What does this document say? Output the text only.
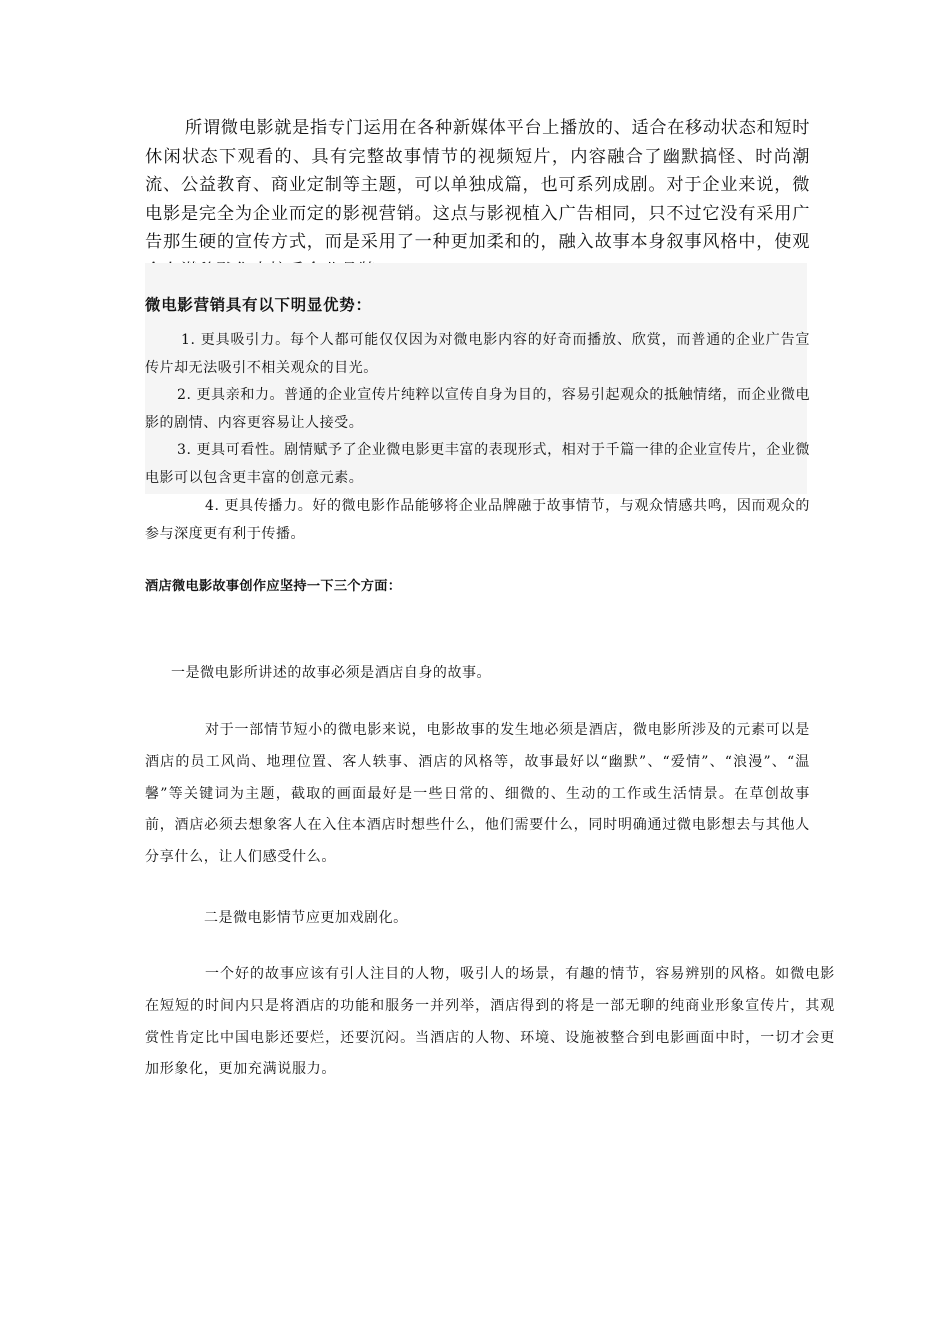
所谓微电影就是指专门运用在各种新媒体平台上播放的、适合在移动状态和短时休闲状态下观看的、具有完整故事情节的视频短片，内容融合了幽默搞怪、时尚潮流、公益教育、商业定制等主题，可以单独成篇，也可系列成剧。对于企业来说，微电影是完全为企业而定的影视营销。这点与影视植入广告相同，只不过它没有采用广告那生硬的宣传方式，而是采用了一种更加柔和的，融入故事本身叙事风格中，使观

微电影营销具有以下明显优势：

1. 更具吸引力。每个人都可能仅仅因为对微电影内容的好奇而播放、欣赏，而普通的企业广告宣传片却无法吸引不相关观众的目光。

2. 更具亲和力。普通的企业宣传片纯粹以宣传自身为目的，容易引起观众的抵触情绪，而企业微电影的剧情、内容更容易让人接受。

3. 更具可看性。剧情赋予了企业微电影更丰富的表现形式，相对于千篇一律的企业宣传片，企业微电影可以包含更丰富的创意元素。

4. 更具传播力。好的微电影作品能够将企业品牌融于故事情节，与观众情感共鸣，因而观众的参与深度更有利于传播。

酒店微电影故事创作应坚持一下三个方面：

一是微电影所讲述的故事必须是酒店自身的故事。

对于一部情节短小的微电影来说，电影故事的发生地必须是酒店，微电影所涉及的元素可以是酒店的员工风尚、地理位置、客人轶事、酒店的风格等，故事最好以“幽默”、“爱情”、“浪漫”、“温馨”等关键词为主题，截取的画面最好是一些日常的、细微的、生动的工作或生活情景。在草创故事前，酒店必须去想象客人在入住本酒店时想些什么，他们需要什么，同时明确通过微电影想去与其他人分享什么，让人们感受什么。

二是微电影情节应更加戏剧化。

一个好的故事应该有引人注目的人物，吸引人的场景，有趣的情节，容易辨别的风格。如微电影在短短的时间内只是将酒店的功能和服务一并列举，酒店得到的将是一部无聊的纯商业形象宣传片，其观赏性肯定比中国电影还要烂，还要沉闷。当酒店的人物、环境、设施被整合到电影画面中时，一切才会更加形象化，更加充满说服力。
